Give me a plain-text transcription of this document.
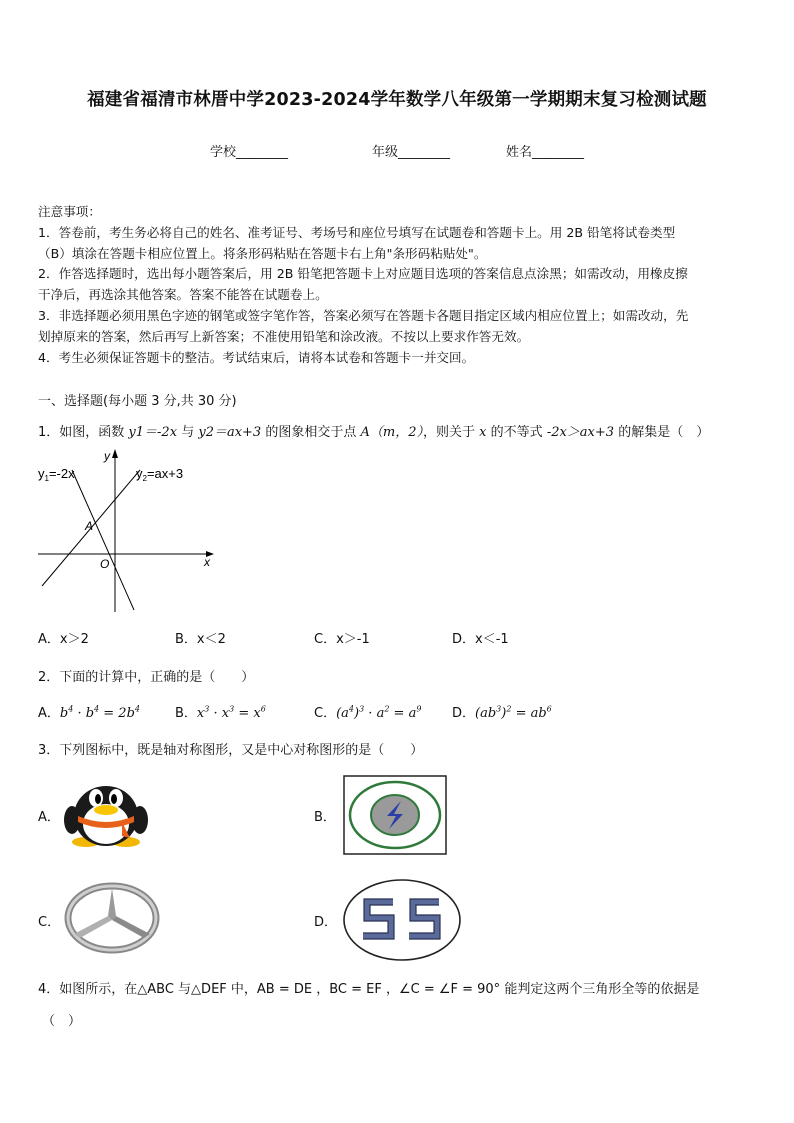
福建省福清市林厝中学2023-2024学年数学八年级第一学期期末复习检测试题
学校________	年级________	姓名________
注意事项：
1．答卷前，考生务必将自己的姓名、准考证号、考场号和座位号填写在试题卷和答题卡上。用 2B 铅笔将试卷类型
（B）填涂在答题卡相应位置上。将条形码粘贴在答题卡右上角"条形码粘贴处"。
2．作答选择题时，选出每小题答案后，用 2B 铅笔把答题卡上对应题目选项的答案信息点涂黑；如需改动，用橡皮擦
干净后，再选涂其他答案。答案不能答在试题卷上。
3．非选择题必须用黑色字迹的钢笔或签字笔作答，答案必须写在答题卡各题目指定区域内相应位置上；如需改动，先
划掉原来的答案，然后再写上新答案；不准使用铅笔和涂改液。不按以上要求作答无效。
4．考生必须保证答题卡的整洁。考试结束后，请将本试卷和答题卡一并交回。
一、选择题(每小题 3 分,共 30 分)
1．如图，函数 y1＝-2x 与 y2＝ax+3 的图象相交于点 A（m，2），则关于 x 的不等式 -2x＞ax+3 的解集是（　）
y
x
O
A
$y_1=-2x$	$y_2=ax+3$
A．x＞2	B．x＜2	C．x＞-1	D．x＜-1
2．下面的计算中，正确的是（　　）
A．$b^4 \cdot b^4 = 2b^4$	B．$x^3 \cdot x^3 = x^6$	C．$(a^4)^3 \cdot a^2 = a^9$ D．$(ab^3)^2 = ab^6$
3．下列图标中，既是轴对称图形，又是中心对称图形的是（　　）
A．	B．
C．	D．
4．如图所示，在△ABC 与△DEF 中，AB = DE ，BC = EF ，∠C = ∠F = 90° 能判定这两个三角形全等的依据是
（　）
